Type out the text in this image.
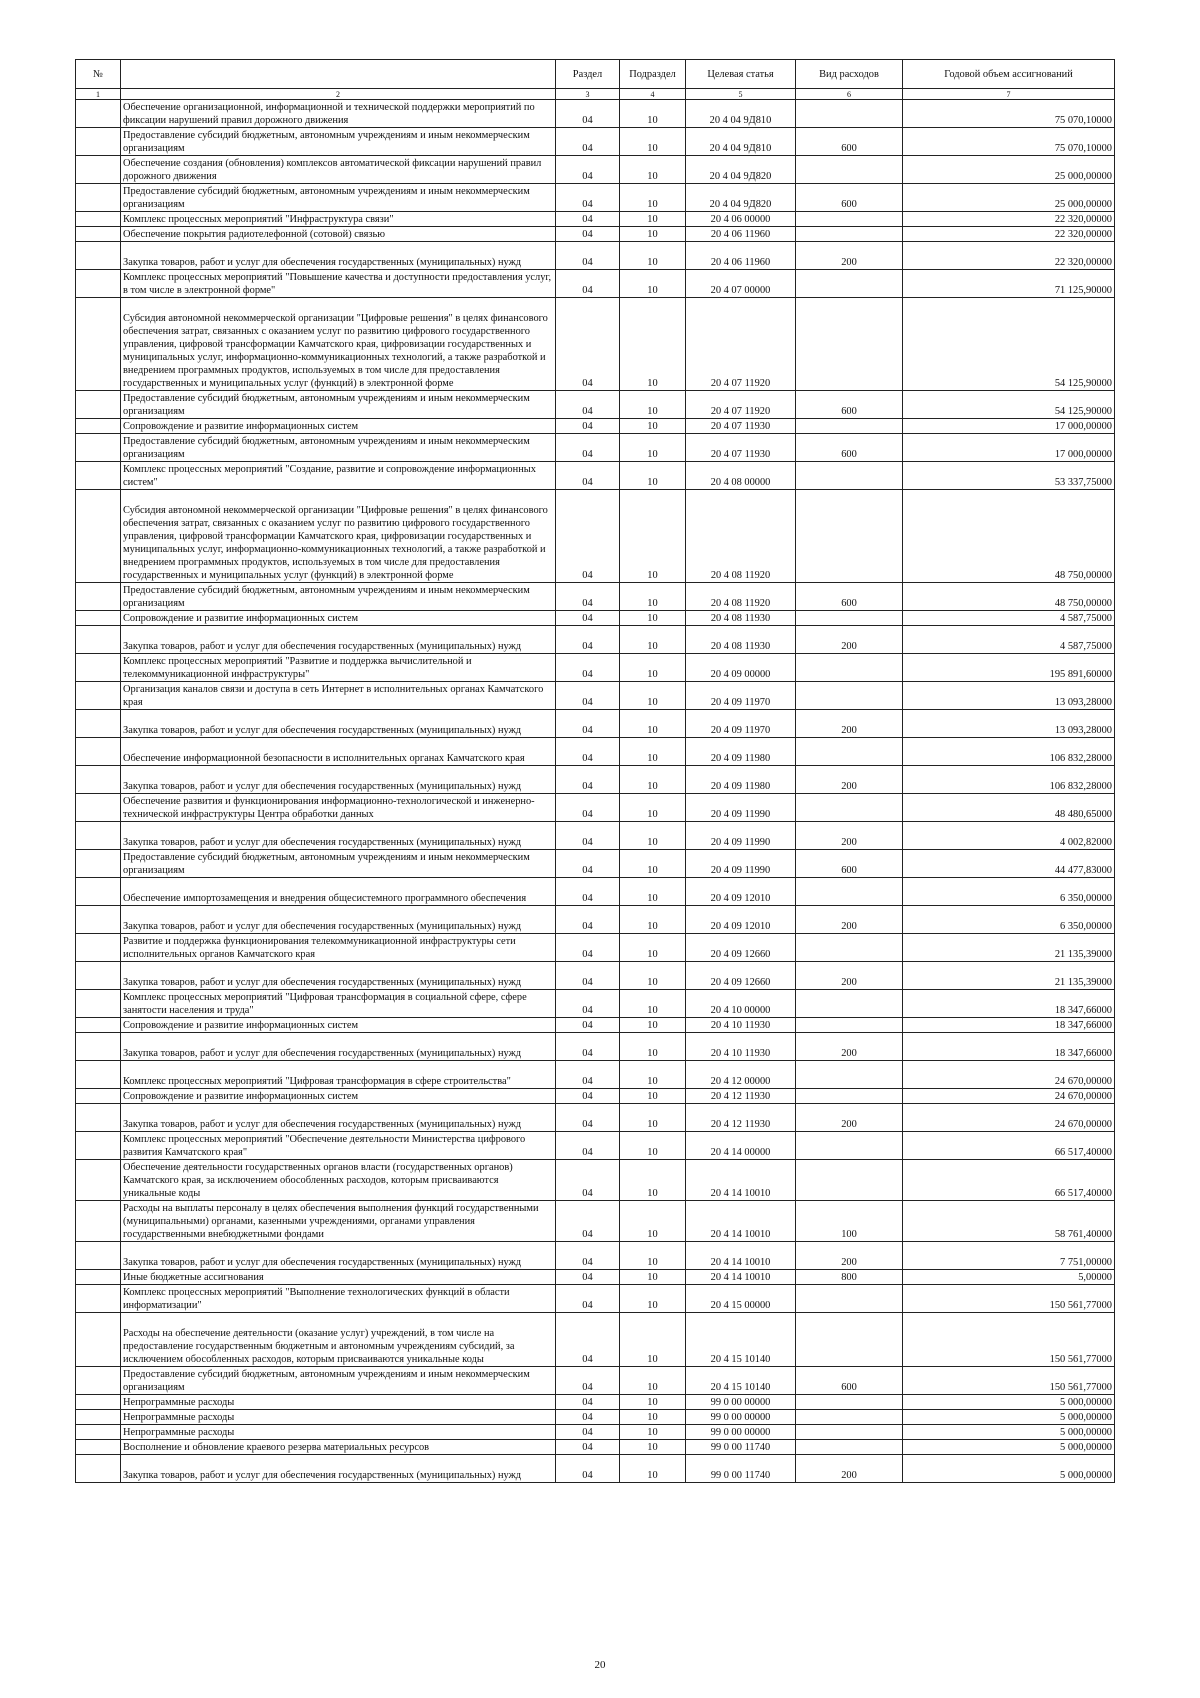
№		Раздел	Подраздел	Целевая статья	Вид расходов	Годовой объем ассигнований
1	2	3	4	5	6	7
	Обеспечение организационной, информационной и технической поддержки мероприятий по фиксации нарушений правил дорожного движения	04	10	20 4 04 9Д810		75 070,10000
	Предоставление субсидий бюджетным, автономным учреждениям и иным некоммерческим организациям	04	10	20 4 04 9Д810	600	75 070,10000
	Обеспечение создания (обновления) комплексов автоматической фиксации нарушений правил дорожного движения	04	10	20 4 04 9Д820		25 000,00000
	Предоставление субсидий бюджетным, автономным учреждениям и иным некоммерческим организациям	04	10	20 4 04 9Д820	600	25 000,00000
	Комплекс процессных мероприятий "Инфраструктура связи"	04	10	20 4 06 00000		22 320,00000
	Обеспечение покрытия радиотелефонной (сотовой) связью	04	10	20 4 06 11960		22 320,00000
	Закупка товаров, работ и услуг для обеспечения государственных (муниципальных) нужд	04	10	20 4 06 11960	200	22 320,00000
	Комплекс процессных мероприятий "Повышение качества и доступности предоставления услуг, в том числе в электронной форме"	04	10	20 4 07 00000		71 125,90000
	Субсидия автономной некоммерческой организации "Цифровые решения" в целях финансового обеспечения затрат, связанных с оказанием услуг по развитию цифрового государственного управления, цифровой трансформации Камчатского края, цифровизации государственных и муниципальных услуг, информационно-коммуникационных технологий, а также разработкой и внедрением программных продуктов, используемых в том числе для предоставления государственных и муниципальных услуг (функций) в электронной форме	04	10	20 4 07 11920		54 125,90000
	Предоставление субсидий бюджетным, автономным учреждениям и иным некоммерческим организациям	04	10	20 4 07 11920	600	54 125,90000
	Сопровождение и развитие информационных систем	04	10	20 4 07 11930		17 000,00000
	Предоставление субсидий бюджетным, автономным учреждениям и иным некоммерческим организациям	04	10	20 4 07 11930	600	17 000,00000
	Комплекс процессных мероприятий "Создание, развитие и сопровождение информационных систем"	04	10	20 4 08 00000		53 337,75000
	Субсидия автономной некоммерческой организации "Цифровые решения" в целях финансового обеспечения затрат, связанных с оказанием услуг по развитию цифрового государственного управления, цифровой трансформации Камчатского края, цифровизации государственных и муниципальных услуг, информационно-коммуникационных технологий, а также разработкой и внедрением программных продуктов, используемых в том числе для предоставления государственных и муниципальных услуг (функций) в электронной форме	04	10	20 4 08 11920		48 750,00000
	Предоставление субсидий бюджетным, автономным учреждениям и иным некоммерческим организациям	04	10	20 4 08 11920	600	48 750,00000
	Сопровождение и развитие информационных систем	04	10	20 4 08 11930		4 587,75000
	Закупка товаров, работ и услуг для обеспечения государственных (муниципальных) нужд	04	10	20 4 08 11930	200	4 587,75000
	Комплекс процессных мероприятий "Развитие и поддержка вычислительной и телекоммуникационной инфраструктуры"	04	10	20 4 09 00000		195 891,60000
	Организация каналов связи и доступа в сеть Интернет в исполнительных органах Камчатского края	04	10	20 4 09 11970		13 093,28000
	Закупка товаров, работ и услуг для обеспечения государственных (муниципальных) нужд	04	10	20 4 09 11970	200	13 093,28000
	Обеспечение информационной безопасности в исполнительных органах Камчатского края	04	10	20 4 09 11980		106 832,28000
	Закупка товаров, работ и услуг для обеспечения государственных (муниципальных) нужд	04	10	20 4 09 11980	200	106 832,28000
	Обеспечение развития и функционирования информационно-технологической и инженерно-технической инфраструктуры Центра обработки данных	04	10	20 4 09 11990		48 480,65000
	Закупка товаров, работ и услуг для обеспечения государственных (муниципальных) нужд	04	10	20 4 09 11990	200	4 002,82000
	Предоставление субсидий бюджетным, автономным учреждениям и иным некоммерческим организациям	04	10	20 4 09 11990	600	44 477,83000
	Обеспечение импортозамещения и внедрения общесистемного программного обеспечения	04	10	20 4 09 12010		6 350,00000
	Закупка товаров, работ и услуг для обеспечения государственных (муниципальных) нужд	04	10	20 4 09 12010	200	6 350,00000
	Развитие и поддержка функционирования телекоммуникационной инфраструктуры сети исполнительных органов Камчатского края	04	10	20 4 09 12660		21 135,39000
	Закупка товаров, работ и услуг для обеспечения государственных (муниципальных) нужд	04	10	20 4 09 12660	200	21 135,39000
	Комплекс процессных мероприятий "Цифровая трансформация в социальной сфере, сфере занятости населения и труда"	04	10	20 4 10 00000		18 347,66000
	Сопровождение и развитие информационных систем	04	10	20 4 10 11930		18 347,66000
	Закупка товаров, работ и услуг для обеспечения государственных (муниципальных) нужд	04	10	20 4 10 11930	200	18 347,66000
	Комплекс процессных мероприятий "Цифровая трансформация в сфере строительства"	04	10	20 4 12 00000		24 670,00000
	Сопровождение и развитие информационных систем	04	10	20 4 12 11930		24 670,00000
	Закупка товаров, работ и услуг для обеспечения государственных (муниципальных) нужд	04	10	20 4 12 11930	200	24 670,00000
	Комплекс процессных мероприятий "Обеспечение деятельности Министерства цифрового развития Камчатского края"	04	10	20 4 14 00000		66 517,40000
	Обеспечение деятельности государственных органов власти (государственных органов) Камчатского края, за исключением обособленных расходов, которым присваиваются уникальные коды	04	10	20 4 14 10010		66 517,40000
	Расходы на выплаты персоналу в целях обеспечения выполнения функций государственными (муниципальными) органами, казенными учреждениями, органами управления государственными внебюджетными фондами	04	10	20 4 14 10010	100	58 761,40000
	Закупка товаров, работ и услуг для обеспечения государственных (муниципальных) нужд	04	10	20 4 14 10010	200	7 751,00000
	Иные бюджетные ассигнования	04	10	20 4 14 10010	800	5,00000
	Комплекс процессных мероприятий "Выполнение технологических функций в области информатизации"	04	10	20 4 15 00000		150 561,77000
	Расходы на обеспечение деятельности (оказание услуг) учреждений, в том числе на предоставление государственным бюджетным и автономным учреждениям субсидий, за исключением обособленных расходов, которым присваиваются уникальные коды	04	10	20 4 15 10140		150 561,77000
	Предоставление субсидий бюджетным, автономным учреждениям и иным некоммерческим организациям	04	10	20 4 15 10140	600	150 561,77000
	Непрограммные расходы	04	10	99 0 00 00000		5 000,00000
	Непрограммные расходы	04	10	99 0 00 00000		5 000,00000
	Непрограммные расходы	04	10	99 0 00 00000		5 000,00000
	Восполнение и обновление краевого резерва материальных ресурсов	04	10	99 0 00 11740		5 000,00000
	Закупка товаров, работ и услуг для обеспечения государственных (муниципальных) нужд	04	10	99 0 00 11740	200	5 000,00000
20
